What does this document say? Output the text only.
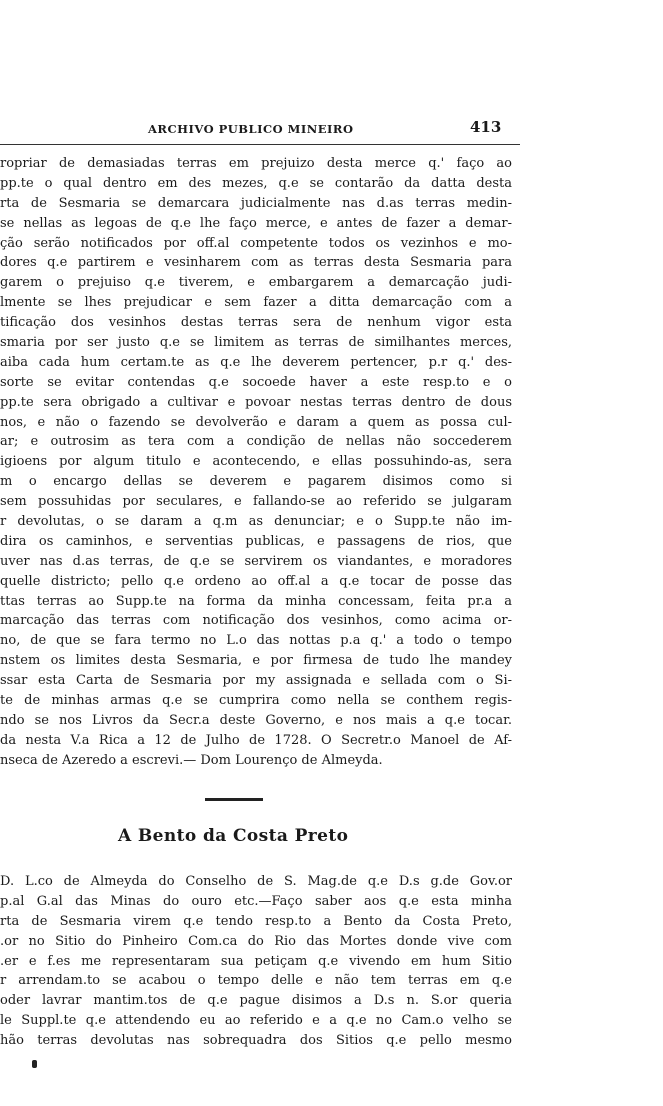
ARCHIVO PUBLICO MINEIRO	413
ropriar de demasiadas terras em prejuizo desta merce q.' faço ao
pp.te o qual dentro em des mezes, q.e se contarão da datta desta
rta de Sesmaria se demarcara judicialmente nas d.as terras medin-
se nellas as legoas de q.e lhe faço merce, e antes de fazer a demar-
ção serão notificados por off.al competente todos os vezinhos e mo-
dores q.e partirem e vesinharem com as terras desta Sesmaria para
garem o prejuiso q.e tiverem, e embargarem a demarcação judi-
lmente se lhes prejudicar e sem fazer a ditta demarcação com a
tificação dos vesinhos destas terras sera de nenhum vigor esta
smaria por ser justo q.e se limitem as terras de similhantes merces,
aiba cada hum certam.te as q.e lhe deverem pertencer, p.r q.' des-
sorte se evitar contendas q.e socoede haver a este resp.to e o
pp.te sera obrigado a cultivar e povoar nestas terras dentro de dous
nos, e não o fazendo se devolverão e daram a quem as possa cul-
ar; e outrosim as tera com a condição de nellas não soccederem
igioens por algum titulo e acontecendo, e ellas possuhindo-as, sera
m o encargo dellas se deverem e pagarem disimos como si
sem possuhidas por seculares, e fallando-se ao referido se julgaram
r devolutas, o se daram a q.m as denunciar; e o Supp.te não im-
dira os caminhos, e serventias publicas, e passagens de rios, que
uver nas d.as terras, de q.e se servirem os viandantes, e moradores
quelle districto; pello q.e ordeno ao off.al a q.e tocar de posse das
ttas terras ao Supp.te na forma da minha concessam, feita pr.a a
marcação das terras com notificação dos vesinhos, como acima or-
no, de que se fara termo no L.o das nottas p.a q.' a todo o tempo
nstem os limites desta Sesmaria, e por firmesa de tudo lhe mandey
ssar esta Carta de Sesmaria por my assignada e sellada com o Si-
te de minhas armas q.e se cumprira como nella se conthem regis-
ndo se nos Livros da Secr.a deste Governo, e nos mais a q.e tocar.
da nesta V.a Rica a 12 de Julho de 1728. O Secretr.o Manoel de Af-
nseca de Azeredo a escrevi.— Dom Lourenço de Almeyda.
A Bento da Costa Preto
D. L.co de Almeyda do Conselho de S. Mag.de q.e D.s g.de Gov.or
p.al G.al das Minas do ouro etc.—Faço saber aos q.e esta minha
rta de Sesmaria virem q.e tendo resp.to a Bento da Costa Preto,
.or no Sitio do Pinheiro Com.ca do Rio das Mortes donde vive com
.er e f.es me representaram sua petiçam q.e vivendo em hum Sitio
r arrendam.to se acabou o tempo delle e não tem terras em q.e
oder lavrar mantim.tos de q.e pague disimos a D.s n. S.or queria
le Suppl.te q.e attendendo eu ao referido e a q.e no Cam.o velho se
hão terras devolutas nas sobrequadra dos Sitios q.e pello mesmo
